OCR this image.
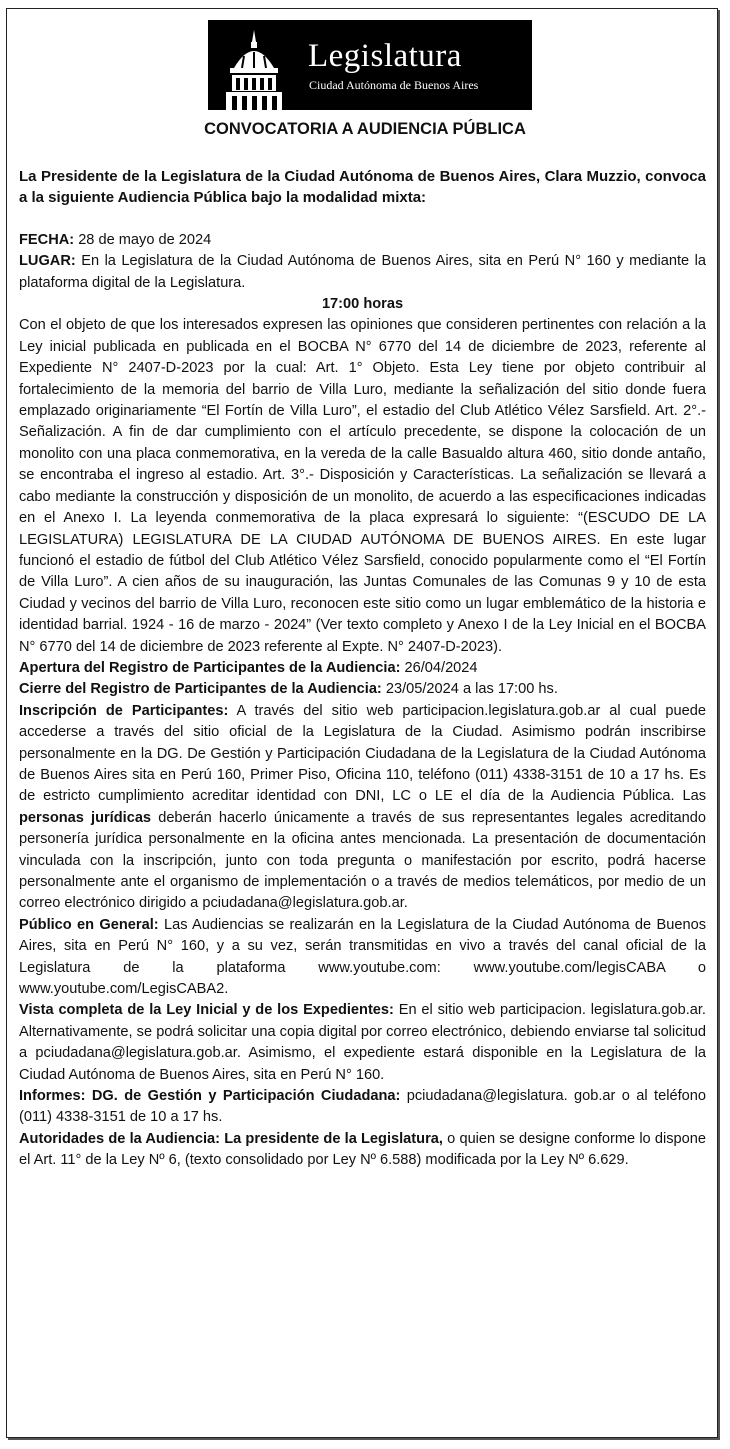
Legislatura
Ciudad Autónoma de Buenos Aires
CONVOCATORIA A AUDIENCIA PÚBLICA

La Presidente de la Legislatura de la Ciudad Autónoma de Buenos Aires, Clara Muzzio, convoca a la siguiente Audiencia Pública bajo la modalidad mixta:

FECHA: 28 de mayo de 2024

LUGAR: En la Legislatura de la Ciudad Autónoma de Buenos Aires, sita en Perú N° 160 y mediante la plataforma digital de la Legislatura.

17:00 horas

Con el objeto de que los interesados expresen las opiniones que consideren pertinentes con relación a la Ley inicial publicada en publicada en el BOCBA N° 6770 del 14 de diciembre de 2023, referente al Expediente N° 2407-D-2023 por la cual: Art. 1° Objeto. Esta Ley tiene por objeto contribuir al fortalecimiento de la memoria del barrio de Villa Luro, mediante la señalización del sitio donde fuera emplazado originariamente “El Fortín de Villa Luro”, el estadio del Club Atlético Vélez Sarsfield. Art. 2°.- Señalización. A fin de dar cumplimiento con el artículo precedente, se dispone la colocación de un monolito con una placa conmemorativa, en la vereda de la calle Basualdo altura 460, sitio donde antaño, se encontraba el ingreso al estadio. Art. 3°.- Disposición y Características. La señalización se llevará a cabo mediante la construcción y disposición de un monolito, de acuerdo a las especificaciones indicadas en el Anexo I. La leyenda conmemorativa de la placa expresará lo siguiente: “(ESCUDO DE LA LEGISLATURA) LEGISLATURA DE LA CIUDAD AUTÓNOMA DE BUENOS AIRES. En este lugar funcionó el estadio de fútbol del Club Atlético Vélez Sarsfield, conocido popularmente como el “El Fortín de Villa Luro”. A cien años de su inauguración, las Juntas Comunales de las Comunas 9 y 10 de esta Ciudad y vecinos del barrio de Villa Luro, reconocen este sitio como un lugar emblemático de la historia e identidad barrial. 1924 - 16 de marzo - 2024” (Ver texto completo y Anexo I de la Ley Inicial en el BOCBA N° 6770 del 14 de diciembre de 2023 referente al Expte. N° 2407-D-2023).

Apertura del Registro de Participantes de la Audiencia: 26/04/2024

Cierre del Registro de Participantes de la Audiencia: 23/05/2024 a las 17:00 hs.

Inscripción de Participantes: A través del sitio web participacion.legislatura.gob.ar al cual puede accederse a través del sitio oficial de la Legislatura de la Ciudad. Asimismo podrán inscribirse personalmente en la DG. De Gestión y Participación Ciudadana de la Legislatura de la Ciudad Autónoma de Buenos Aires sita en Perú 160, Primer Piso, Oficina 110, teléfono (011) 4338-3151 de 10 a 17 hs. Es de estricto cumplimiento acreditar identidad con DNI, LC o LE el día de la Audiencia Pública. Las personas jurídicas deberán hacerlo únicamente a través de sus representantes legales acreditando personería jurídica personalmente en la oficina antes mencionada. La presentación de documentación vinculada con la inscripción, junto con toda pregunta o manifestación por escrito, podrá hacerse personalmente ante el organismo de implementación o a través de medios telemáticos, por medio de un correo electrónico dirigido a pciudadana@legislatura.gob.ar.

Público en General: Las Audiencias se realizarán en la Legislatura de la Ciudad Autónoma de Buenos Aires, sita en Perú N° 160, y a su vez, serán transmitidas en vivo a través del canal oficial de la Legislatura de la plataforma www.youtube.com: www.youtube.com/legisCABA o www.youtube.com/LegisCABA2.

Vista completa de la Ley Inicial y de los Expedientes: En el sitio web participacion. legislatura.gob.ar. Alternativamente, se podrá solicitar una copia digital por correo electrónico, debiendo enviarse tal solicitud a pciudadana@legislatura.gob.ar. Asimismo, el expediente estará disponible en la Legislatura de la Ciudad Autónoma de Buenos Aires, sita en Perú N° 160.

Informes: DG. de Gestión y Participación Ciudadana: pciudadana@legislatura. gob.ar o al teléfono (011) 4338-3151 de 10 a 17 hs.

Autoridades de la Audiencia: La presidente de la Legislatura, o quien se designe conforme lo dispone el Art. 11° de la Ley Nº 6, (texto consolidado por Ley Nº 6.588) modificada por la Ley Nº 6.629.
